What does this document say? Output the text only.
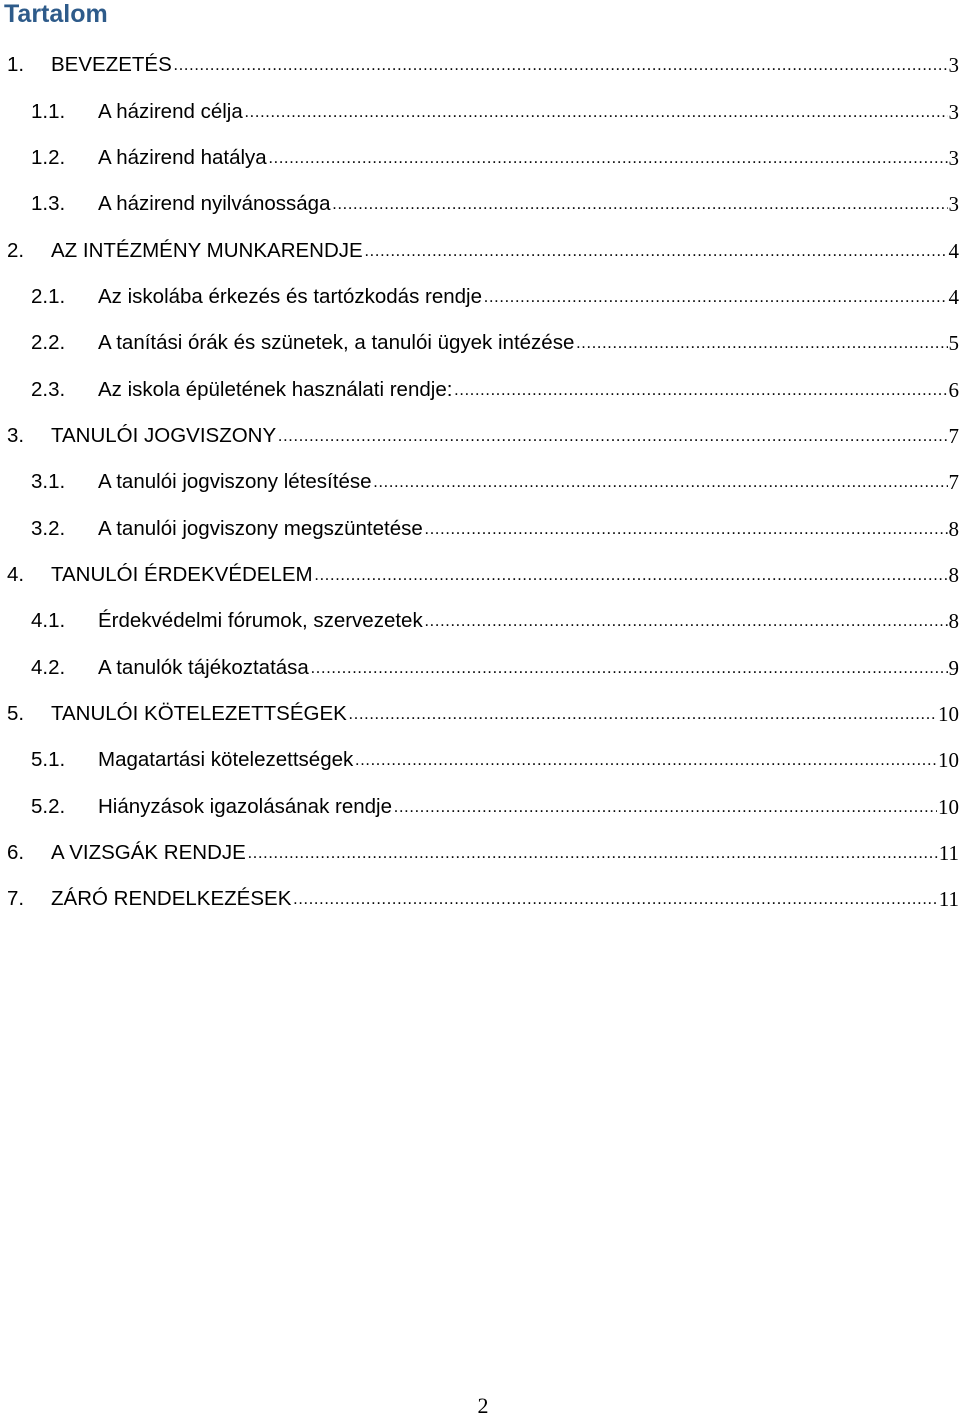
Tartalom
1.	BEVEZETÉS .....	3
1.1.	A házirend célja .....	3
1.2.	A házirend hatálya .....	3
1.3.	A házirend nyilvánossága .....	3
2.	AZ INTÉZMÉNY MUNKARENDJE .....	4
2.1.	Az iskolába érkezés és tartózkodás rendje .....	4
2.2.	A tanítási órák és szünetek, a tanulói ügyek intézése .....	5
2.3.	Az iskola épületének használati rendje: .....	6
3.	TANULÓI JOGVISZONY .....	7
3.1.	A tanulói jogviszony létesítése .....	7
3.2.	A tanulói jogviszony megszüntetése .....	8
4.	TANULÓI ÉRDEKVÉDELEM .....	8
4.1.	Érdekvédelmi fórumok, szervezetek .....	8
4.2.	A tanulók tájékoztatása .....	9
5.	TANULÓI KÖTELEZETTSÉGEK .....	10
5.1.	Magatartási kötelezettségek .....	10
5.2.	Hiányzások igazolásának rendje .....	10
6.	A VIZSGÁK RENDJE .....	11
7.	ZÁRÓ RENDELKEZÉSEK .....	11
2
